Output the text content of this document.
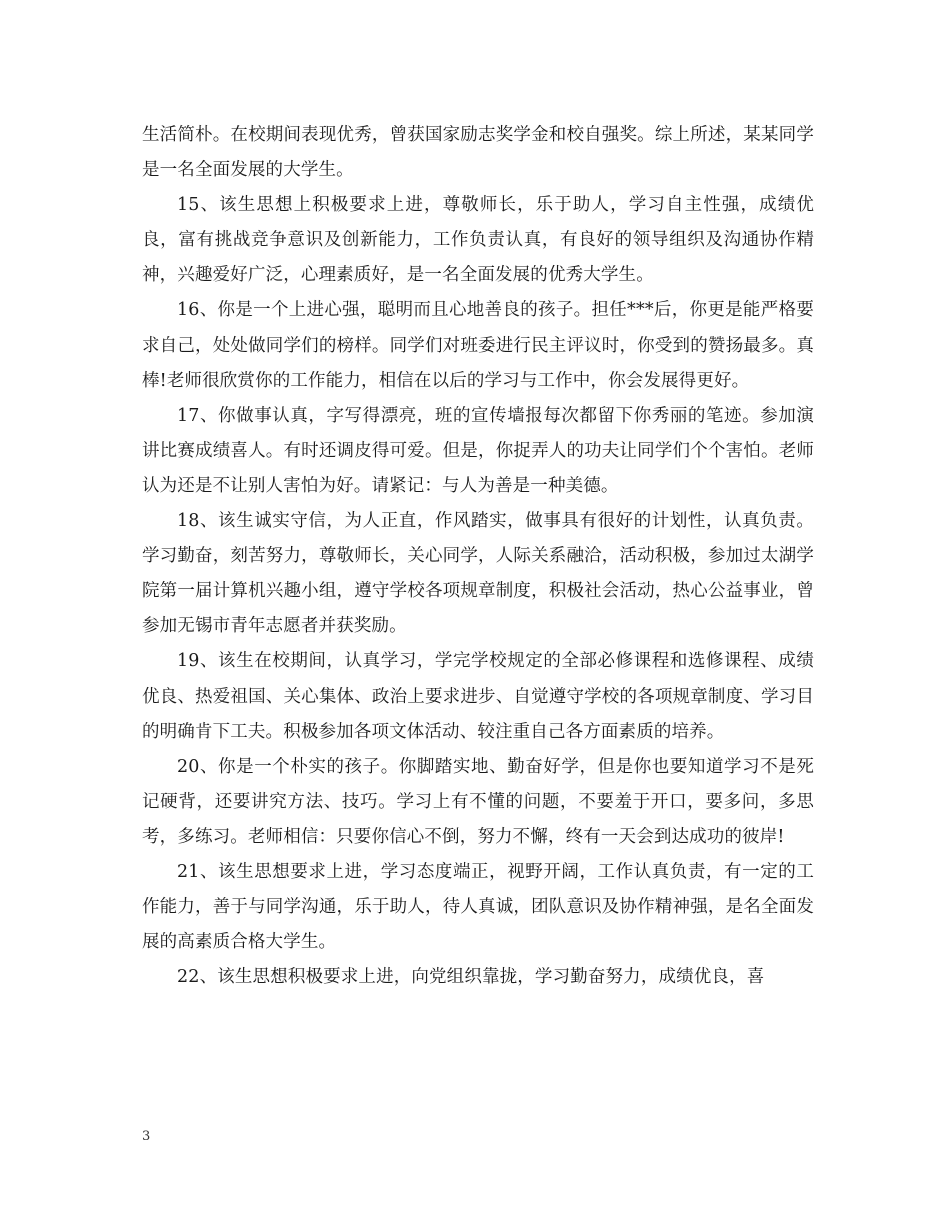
生活简朴。在校期间表现优秀，曾获国家励志奖学金和校自强奖。综上所述，某某同学是一名全面发展的大学生。

15、该生思想上积极要求上进，尊敬师长，乐于助人，学习自主性强，成绩优良，富有挑战竞争意识及创新能力，工作负责认真，有良好的领导组织及沟通协作精神，兴趣爱好广泛，心理素质好，是一名全面发展的优秀大学生。

16、你是一个上进心强，聪明而且心地善良的孩子。担任***后，你更是能严格要求自己，处处做同学们的榜样。同学们对班委进行民主评议时，你受到的赞扬最多。真棒!老师很欣赏你的工作能力，相信在以后的学习与工作中，你会发展得更好。

17、你做事认真，字写得漂亮，班的宣传墙报每次都留下你秀丽的笔迹。参加演讲比赛成绩喜人。有时还调皮得可爱。但是，你捉弄人的功夫让同学们个个害怕。老师认为还是不让别人害怕为好。请紧记：与人为善是一种美德。

18、该生诚实守信，为人正直，作风踏实，做事具有很好的计划性，认真负责。学习勤奋，刻苦努力，尊敬师长，关心同学，人际关系融洽，活动积极，参加过太湖学院第一届计算机兴趣小组，遵守学校各项规章制度，积极社会活动，热心公益事业，曾参加无锡市青年志愿者并获奖励。

19、该生在校期间，认真学习，学完学校规定的全部必修课程和选修课程、成绩优良、热爱祖国、关心集体、政治上要求进步、自觉遵守学校的各项规章制度、学习目的明确肯下工夫。积极参加各项文体活动、较注重自己各方面素质的培养。

20、你是一个朴实的孩子。你脚踏实地、勤奋好学，但是你也要知道学习不是死记硬背，还要讲究方法、技巧。学习上有不懂的问题，不要羞于开口，要多问，多思考，多练习。老师相信：只要你信心不倒，努力不懈，终有一天会到达成功的彼岸!

21、该生思想要求上进，学习态度端正，视野开阔，工作认真负责，有一定的工作能力，善于与同学沟通，乐于助人，待人真诚，团队意识及协作精神强，是名全面发展的高素质合格大学生。

22、该生思想积极要求上进，向党组织靠拢，学习勤奋努力，成绩优良，喜

3
